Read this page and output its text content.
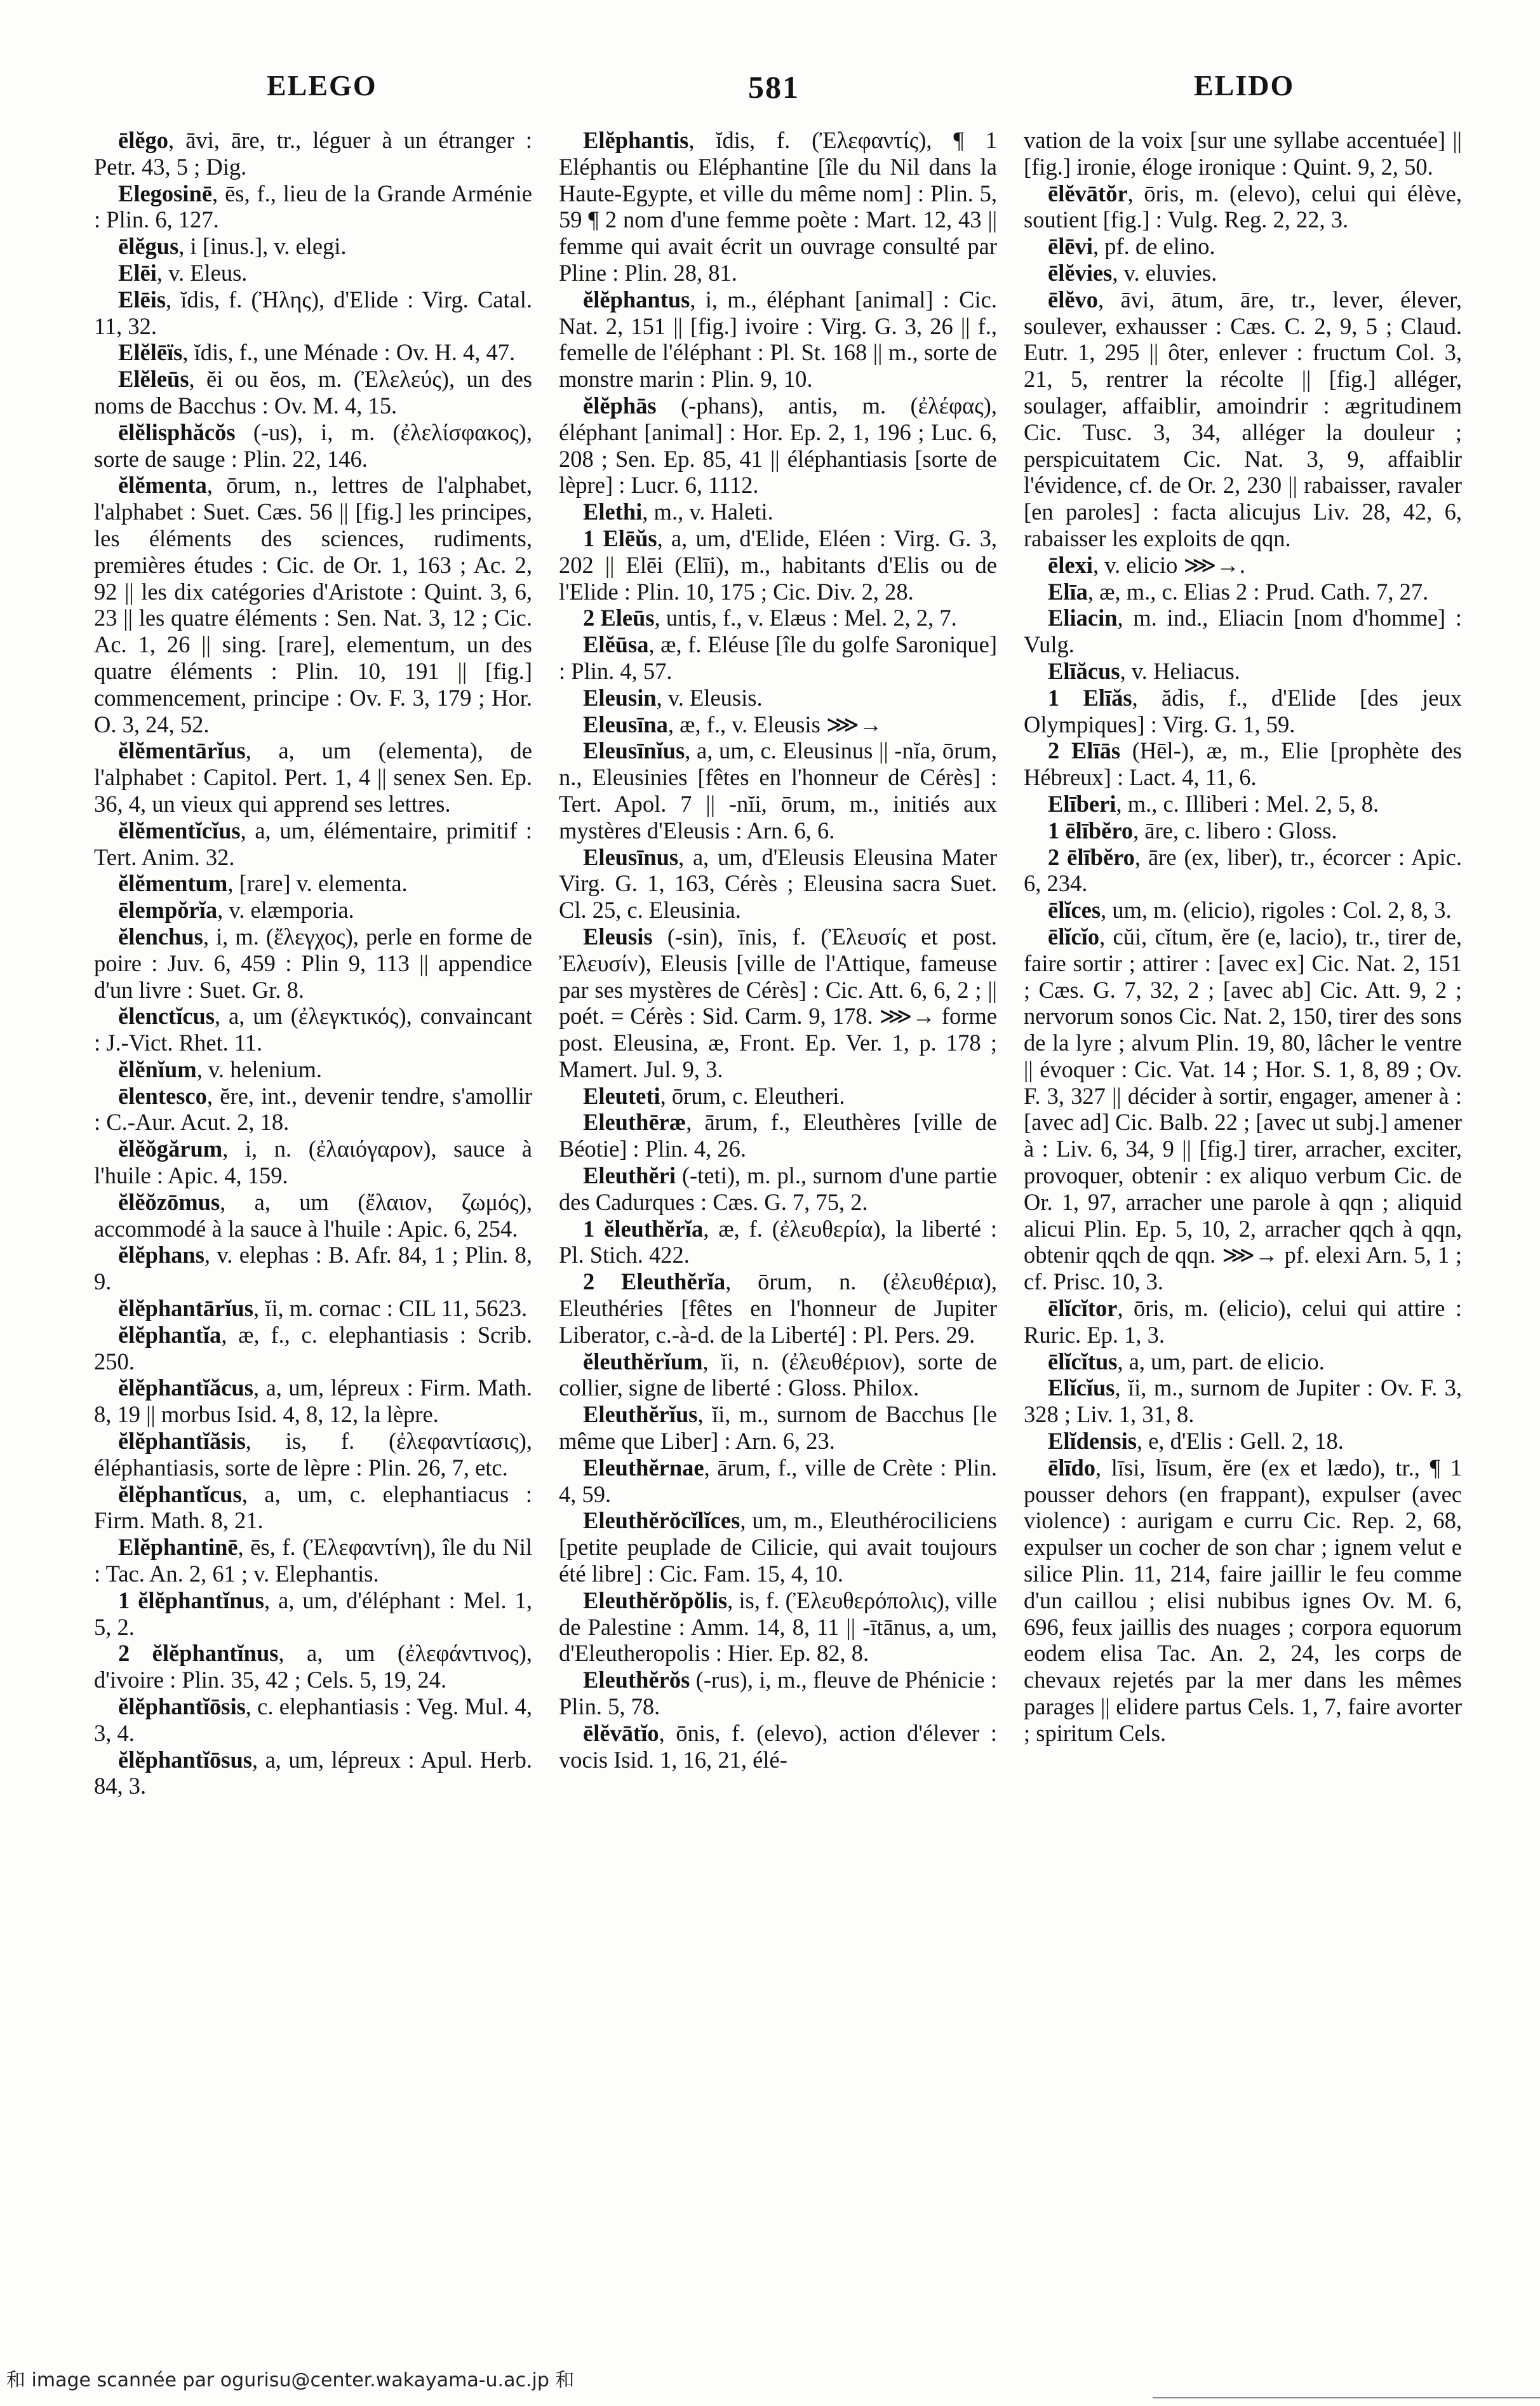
ELEGO	581	ELIDO

ēlĕgo, āvi, āre, tr., léguer à un étranger : Petr. 43, 5 ; Dig.

Elegosinē, ēs, f., lieu de la Grande Arménie : Plin. 6, 127.

ēlĕgus, i [inus.], v. elegi.

Elēi, v. Eleus.

Elēis, ĭdis, f. (Ἠλης), d'Elide : Virg. Catal. 11, 32.

Elĕlēïs, ĭdis, f., une Ménade : Ov. H. 4, 47.

Elĕleūs, ĕi ou ĕos, m. (Ἐλελεύς), un des noms de Bacchus : Ov. M. 4, 15.

ēlĕlisphăcŏs (-us), i, m. (ἐλελίσφακος), sorte de sauge : Plin. 22, 146.

ĕlĕmenta, ōrum, n., lettres de l'alphabet, l'alphabet : Suet. Cæs. 56 || [fig.] les principes, les éléments des sciences, rudiments, premières études : Cic. de Or. 1, 163 ; Ac. 2, 92 || les dix catégories d'Aristote : Quint. 3, 6, 23 || les quatre éléments : Sen. Nat. 3, 12 ; Cic. Ac. 1, 26 || sing. [rare], elementum, un des quatre éléments : Plin. 10, 191 || [fig.] commencement, principe : Ov. F. 3, 179 ; Hor. O. 3, 24, 52.

ĕlĕmentārĭus, a, um (elementa), de l'alphabet : Capitol. Pert. 1, 4 || senex Sen. Ep. 36, 4, un vieux qui apprend ses lettres.

ĕlĕmentĭcĭus, a, um, élémentaire, primitif : Tert. Anim. 32.

ĕlĕmentum, [rare] v. elementa.

ēlempŏrĭa, v. elæmporia.

ĕlenchus, i, m. (ἔλεγχος), perle en forme de poire : Juv. 6, 459 : Plin 9, 113 || appendice d'un livre : Suet. Gr. 8.

ĕlenctĭcus, a, um (ἐλεγκτικός), convaincant : J.-Vict. Rhet. 11.

ĕlĕnĭum, v. helenium.

ēlentesco, ĕre, int., devenir tendre, s'amollir : C.-Aur. Acut. 2, 18.

ĕlĕŏgărum, i, n. (ἐλαιόγαρον), sauce à l'huile : Apic. 4, 159.

ĕlĕŏzōmus, a, um (ἔλαιον, ζωμός), accommodé à la sauce à l'huile : Apic. 6, 254.

ĕlĕphans, v. elephas : B. Afr. 84, 1 ; Plin. 8, 9.

ĕlĕphantārĭus, ĭi, m. cornac : CIL 11, 5623.

ĕlĕphantĭa, æ, f., c. elephantiasis : Scrib. 250.

ĕlĕphantĭăcus, a, um, lépreux : Firm. Math. 8, 19 || morbus Isid. 4, 8, 12, la lèpre.

ĕlĕphantĭăsis, is, f. (ἐλεφαντίασις), éléphantiasis, sorte de lèpre : Plin. 26, 7, etc.

ĕlĕphantĭcus, a, um, c. elephantiacus : Firm. Math. 8, 21.

Elĕphantinē, ēs, f. (Ἐλεφαντίνη), île du Nil : Tac. An. 2, 61 ; v. Elephantis.

1 ĕlĕphantĭnus, a, um, d'éléphant : Mel. 1, 5, 2.

2 ĕlĕphantĭnus, a, um (ἐλεφάντινος), d'ivoire : Plin. 35, 42 ; Cels. 5, 19, 24.

ĕlĕphantĭōsis, c. elephantiasis : Veg. Mul. 4, 3, 4.

ĕlĕphantĭōsus, a, um, lépreux : Apul. Herb. 84, 3.

Elĕphantis, ĭdis, f. (Ἐλεφαντίς), ¶ 1 Eléphantis ou Eléphantine [île du Nil dans la Haute-Egypte, et ville du même nom] : Plin. 5, 59 ¶ 2 nom d'une femme poète : Mart. 12, 43 || femme qui avait écrit un ouvrage consulté par Pline : Plin. 28, 81.

ĕlĕphantus, i, m., éléphant [animal] : Cic. Nat. 2, 151 || [fig.] ivoire : Virg. G. 3, 26 || f., femelle de l'éléphant : Pl. St. 168 || m., sorte de monstre marin : Plin. 9, 10.

ĕlĕphās (-phans), antis, m. (ἐλέφας), éléphant [animal] : Hor. Ep. 2, 1, 196 ; Luc. 6, 208 ; Sen. Ep. 85, 41 || éléphantiasis [sorte de lèpre] : Lucr. 6, 1112.

Elethi, m., v. Haleti.

1 Elēŭs, a, um, d'Elide, Eléen : Virg. G. 3, 202 || Elēi (Elīi), m., habitants d'Elis ou de l'Elide : Plin. 10, 175 ; Cic. Div. 2, 28.

2 Eleūs, untis, f., v. Elæus : Mel. 2, 2, 7.

Elĕūsa, æ, f. Eléuse [île du golfe Saronique] : Plin. 4, 57.

Eleusin, v. Eleusis.

Eleusīna, æ, f., v. Eleusis ⋙→

Eleusīnĭus, a, um, c. Eleusinus || -nĭa, ōrum, n., Eleusinies [fêtes en l'honneur de Cérès] : Tert. Apol. 7 || -nĭi, ōrum, m., initiés aux mystères d'Eleusis : Arn. 6, 6.

Eleusīnus, a, um, d'Eleusis Eleusina Mater Virg. G. 1, 163, Cérès ; Eleusina sacra Suet. Cl. 25, c. Eleusinia.

Eleusis (-sin), īnis, f. (Ἐλευσίς et post. Ἐλευσίν), Eleusis [ville de l'Attique, fameuse par ses mystères de Cérès] : Cic. Att. 6, 6, 2 ; || poét. = Cérès : Sid. Carm. 9, 178. ⋙→ forme post. Eleusina, æ, Front. Ep. Ver. 1, p. 178 ; Mamert. Jul. 9, 3.

Eleuteti, ōrum, c. Eleutheri.

Eleuthēræ, ārum, f., Eleuthères [ville de Béotie] : Plin. 4, 26.

Eleuthĕri (-teti), m. pl., surnom d'une partie des Cadurques : Cæs. G. 7, 75, 2.

1 ĕleuthĕrĭa, æ, f. (ἐλευθερία), la liberté : Pl. Stich. 422.

2 Eleuthĕrĭa, ōrum, n. (ἐλευθέρια), Eleuthéries [fêtes en l'honneur de Jupiter Liberator, c.-à-d. de la Liberté] : Pl. Pers. 29.

ĕleuthĕrĭum, ĭi, n. (ἐλευθέριον), sorte de collier, signe de liberté : Gloss. Philox.

Eleuthĕrĭus, ĭi, m., surnom de Bacchus [le même que Liber] : Arn. 6, 23.

Eleuthĕrnae, ārum, f., ville de Crète : Plin. 4, 59.

Eleuthĕrŏcĭlĭces, um, m., Eleuthérociliciens [petite peuplade de Cilicie, qui avait toujours été libre] : Cic. Fam. 15, 4, 10.

Eleuthĕrŏpŏlis, is, f. (Ἐλευθερόπολις), ville de Palestine : Amm. 14, 8, 11 || -ītānus, a, um, d'Eleutheropolis : Hier. Ep. 82, 8.

Eleuthĕrŏs (-rus), i, m., fleuve de Phénicie : Plin. 5, 78.

ēlĕvātĭo, ōnis, f. (elevo), action d'élever : vocis Isid. 1, 16, 21, élé-

vation de la voix [sur une syllabe accentuée] || [fig.] ironie, éloge ironique : Quint. 9, 2, 50.

ēlĕvātŏr, ōris, m. (elevo), celui qui élève, soutient [fig.] : Vulg. Reg. 2, 22, 3.

ēlēvi, pf. de elino.

ēlĕvies, v. eluvies.

ēlĕvo, āvi, ātum, āre, tr., lever, élever, soulever, exhausser : Cæs. C. 2, 9, 5 ; Claud. Eutr. 1, 295 || ôter, enlever : fructum Col. 3, 21, 5, rentrer la récolte || [fig.] alléger, soulager, affaiblir, amoindrir : ægritudinem Cic. Tusc. 3, 34, alléger la douleur ; perspicuitatem Cic. Nat. 3, 9, affaiblir l'évidence, cf. de Or. 2, 230 || rabaisser, ravaler [en paroles] : facta alicujus Liv. 28, 42, 6, rabaisser les exploits de qqn.

ēlexi, v. elicio ⋙→.

Elīa, æ, m., c. Elias 2 : Prud. Cath. 7, 27.

Eliacin, m. ind., Eliacin [nom d'homme] : Vulg.

Elīăcus, v. Heliacus.

1 Elīăs, ădis, f., d'Elide [des jeux Olympiques] : Virg. G. 1, 59.

2 Elīās (Hēl-), æ, m., Elie [prophète des Hébreux] : Lact. 4, 11, 6.

Elīberi, m., c. Illiberi : Mel. 2, 5, 8.

1 ēlībĕro, āre, c. libero : Gloss.

2 ēlībĕro, āre (ex, liber), tr., écorcer : Apic. 6, 234.

ēlĭces, um, m. (elicio), rigoles : Col. 2, 8, 3.

ēlĭcĭo, cŭi, cĭtum, ĕre (e, lacio), tr., tirer de, faire sortir ; attirer : [avec ex] Cic. Nat. 2, 151 ; Cæs. G. 7, 32, 2 ; [avec ab] Cic. Att. 9, 2 ; nervorum sonos Cic. Nat. 2, 150, tirer des sons de la lyre ; alvum Plin. 19, 80, lâcher le ventre || évoquer : Cic. Vat. 14 ; Hor. S. 1, 8, 89 ; Ov. F. 3, 327 || décider à sortir, engager, amener à : [avec ad] Cic. Balb. 22 ; [avec ut subj.] amener à : Liv. 6, 34, 9 || [fig.] tirer, arracher, exciter, provoquer, obtenir : ex aliquo verbum Cic. de Or. 1, 97, arracher une parole à qqn ; aliquid alicui Plin. Ep. 5, 10, 2, arracher qqch à qqn, obtenir qqch de qqn. ⋙→ pf. elexi Arn. 5, 1 ; cf. Prisc. 10, 3.

ēlĭcĭtor, ōris, m. (elicio), celui qui attire : Ruric. Ep. 1, 3.

ēlĭcĭtus, a, um, part. de elicio.

Elĭcĭus, ĭi, m., surnom de Jupiter : Ov. F. 3, 328 ; Liv. 1, 31, 8.

Elĭdensis, e, d'Elis : Gell. 2, 18.

ēlīdo, līsi, līsum, ĕre (ex et lædo), tr., ¶ 1 pousser dehors (en frappant), expulser (avec violence) : aurigam e curru Cic. Rep. 2, 68, expulser un cocher de son char ; ignem velut e silice Plin. 11, 214, faire jaillir le feu comme d'un caillou ; elisi nubibus ignes Ov. M. 6, 696, feux jaillis des nuages ; corpora equorum eodem elisa Tac. An. 2, 24, les corps de chevaux rejetés par la mer dans les mêmes parages || elidere partus Cels. 1, 7, faire avorter ; spiritum Cels.

和 image scannée par ogurisu@center.wakayama-u.ac.jp 和
